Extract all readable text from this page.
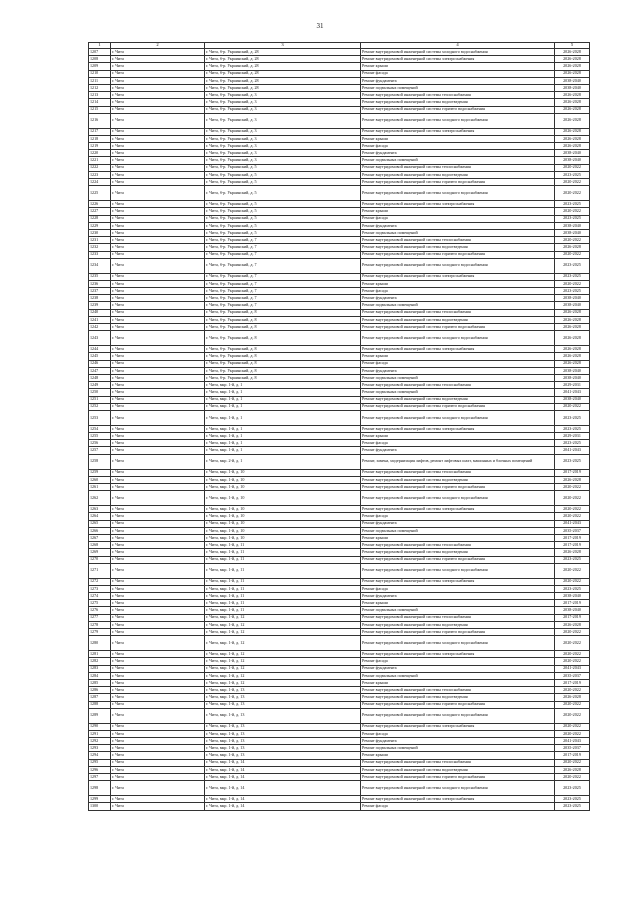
31
1	2	3	4	5
1207	г. Чита	г. Чита, б-р. Украинский, д. 28	Ремонт внутридомовой инженерной системы холодного водоснабжения	2026-2028
1208	г. Чита	г. Чита, б-р. Украинский, д. 28	Ремонт внутридомовой инженерной системы электроснабжения	2026-2028
1209	г. Чита	г. Чита, б-р. Украинский, д. 28	Ремонт крыши	2026-2028
1210	г. Чита	г. Чита, б-р. Украинский, д. 28	Ремонт фасада	2026-2028
1211	г. Чита	г. Чита, б-р. Украинский, д. 28	Ремонт фундамента	2038-2040
1212	г. Чита	г. Чита, б-р. Украинский, д. 28	Ремонт подвальных помещений	2038-2040
1213	г. Чита	г. Чита, б-р. Украинский, д. 3	Ремонт внутридомовой инженерной системы теплоснабжения	2026-2028
1214	г. Чита	г. Чита, б-р. Украинский, д. 3	Ремонт внутридомовой инженерной системы водоотведения	2026-2028
1215	г. Чита	г. Чита, б-р. Украинский, д. 3	Ремонт внутридомовой инженерной системы горячего водоснабжения	2026-2028
1216	г. Чита	г. Чита, б-р. Украинский, д. 3	Ремонт внутридомовой инженерной системы холодного водоснабжения	2026-2028
1217	г. Чита	г. Чита, б-р. Украинский, д. 3	Ремонт внутридомовой инженерной системы электроснабжения	2026-2028
1218	г. Чита	г. Чита, б-р. Украинский, д. 3	Ремонт крыши	2026-2028
1219	г. Чита	г. Чита, б-р. Украинский, д. 3	Ремонт фасада	2026-2028
1220	г. Чита	г. Чита, б-р. Украинский, д. 3	Ремонт фундамента	2038-2040
1221	г. Чита	г. Чита, б-р. Украинский, д. 3	Ремонт подвальных помещений	2038-2040
1222	г. Чита	г. Чита, б-р. Украинский, д. 5	Ремонт внутридомовой инженерной системы теплоснабжения	2020-2022
1223	г. Чита	г. Чита, б-р. Украинский, д. 5	Ремонт внутридомовой инженерной системы водоотведения	2023-2025
1224	г. Чита	г. Чита, б-р. Украинский, д. 5	Ремонт внутридомовой инженерной системы горячего водоснабжения	2020-2022
1225	г. Чита	г. Чита, б-р. Украинский, д. 5	Ремонт внутридомовой инженерной системы холодного водоснабжения	2020-2022
1226	г. Чита	г. Чита, б-р. Украинский, д. 5	Ремонт внутридомовой инженерной системы электроснабжения	2023-2025
1227	г. Чита	г. Чита, б-р. Украинский, д. 5	Ремонт крыши	2020-2022
1228	г. Чита	г. Чита, б-р. Украинский, д. 5	Ремонт фасада	2023-2025
1229	г. Чита	г. Чита, б-р. Украинский, д. 5	Ремонт фундамента	2038-2040
1230	г. Чита	г. Чита, б-р. Украинский, д. 5	Ремонт подвальных помещений	2038-2040
1231	г. Чита	г. Чита, б-р. Украинский, д. 7	Ремонт внутридомовой инженерной системы теплоснабжения	2020-2022
1232	г. Чита	г. Чита, б-р. Украинский, д. 7	Ремонт внутридомовой инженерной системы водоотведения	2026-2028
1233	г. Чита	г. Чита, б-р. Украинский, д. 7	Ремонт внутридомовой инженерной системы горячего водоснабжения	2020-2022
1234	г. Чита	г. Чита, б-р. Украинский, д. 7	Ремонт внутридомовой инженерной системы холодного водоснабжения	2023-2025
1235	г. Чита	г. Чита, б-р. Украинский, д. 7	Ремонт внутридомовой инженерной системы электроснабжения	2023-2025
1236	г. Чита	г. Чита, б-р. Украинский, д. 7	Ремонт крыши	2020-2022
1237	г. Чита	г. Чита, б-р. Украинский, д. 7	Ремонт фасада	2023-2025
1238	г. Чита	г. Чита, б-р. Украинский, д. 7	Ремонт фундамента	2038-2040
1239	г. Чита	г. Чита, б-р. Украинский, д. 7	Ремонт подвальных помещений	2038-2040
1240	г. Чита	г. Чита, б-р. Украинский, д. 8	Ремонт внутридомовой инженерной системы теплоснабжения	2026-2028
1241	г. Чита	г. Чита, б-р. Украинский, д. 8	Ремонт внутридомовой инженерной системы водоотведения	2026-2028
1242	г. Чита	г. Чита, б-р. Украинский, д. 8	Ремонт внутридомовой инженерной системы горячего водоснабжения	2026-2028
1243	г. Чита	г. Чита, б-р. Украинский, д. 8	Ремонт внутридомовой инженерной системы холодного водоснабжения	2026-2028
1244	г. Чита	г. Чита, б-р. Украинский, д. 8	Ремонт внутридомовой инженерной системы электроснабжения	2026-2028
1245	г. Чита	г. Чита, б-р. Украинский, д. 8	Ремонт крыши	2026-2028
1246	г. Чита	г. Чита, б-р. Украинский, д. 8	Ремонт фасада	2026-2028
1247	г. Чита	г. Чита, б-р. Украинский, д. 8	Ремонт фундамента	2038-2040
1248	г. Чита	г. Чита, б-р. Украинский, д. 8	Ремонт подвальных помещений	2038-2040
1249	г. Чита	г. Чита, мкр. 1-й, д. 1	Ремонт внутридомовой инженерной системы теплоснабжения	2029-2031
1250	г. Чита	г. Чита, мкр. 1-й, д. 1	Ремонт подвальных помещений	2041-2043
1251	г. Чита	г. Чита, мкр. 1-й, д. 1	Ремонт внутридомовой инженерной системы водоотведения	2038-2040
1252	г. Чита	г. Чита, мкр. 1-й, д. 1	Ремонт внутридомовой инженерной системы горячего водоснабжения	2020-2022
1253	г. Чита	г. Чита, мкр. 1-й, д. 1	Ремонт внутридомовой инженерной системы холодного водоснабжения	2023-2025
1254	г. Чита	г. Чита, мкр. 1-й, д. 1	Ремонт внутридомовой инженерной системы электроснабжения	2023-2025
1255	г. Чита	г. Чита, мкр. 1-й, д. 1	Ремонт крыши	2029-2031
1256	г. Чита	г. Чита, мкр. 1-й, д. 1	Ремонт фасада	2023-2025
1257	г. Чита	г. Чита, мкр. 1-й, д. 1	Ремонт фундамента	2041-2043
1258	г. Чита	г. Чита, мкр. 2-й, д. 1	Ремонт, замена, модернизация лифтов, ремонт лифтовых шахт, машинных и блочных помещений	2023-2025
1259	г. Чита	г. Чита, мкр. 1-й, д. 10	Ремонт внутридомовой инженерной системы теплоснабжения	2017-2019
1260	г. Чита	г. Чита, мкр. 1-й, д. 10	Ремонт внутридомовой инженерной системы водоотведения	2026-2028
1261	г. Чита	г. Чита, мкр. 1-й, д. 10	Ремонт внутридомовой инженерной системы горячего водоснабжения	2020-2022
1262	г. Чита	г. Чита, мкр. 1-й, д. 10	Ремонт внутридомовой инженерной системы холодного водоснабжения	2020-2022
1263	г. Чита	г. Чита, мкр. 1-й, д. 10	Ремонт внутридомовой инженерной системы электроснабжения	2020-2022
1264	г. Чита	г. Чита, мкр. 1-й, д. 10	Ремонт фасада	2020-2022
1265	г. Чита	г. Чита, мкр. 1-й, д. 10	Ремонт фундамента	2041-2043
1266	г. Чита	г. Чита, мкр. 1-й, д. 10	Ремонт подвальных помещений	2035-2037
1267	г. Чита	г. Чита, мкр. 1-й, д. 10	Ремонт крыши	2017-2019
1268	г. Чита	г. Чита, мкр. 1-й, д. 11	Ремонт внутридомовой инженерной системы теплоснабжения	2017-2019
1269	г. Чита	г. Чита, мкр. 1-й, д. 11	Ремонт внутридомовой инженерной системы водоотведения	2026-2028
1270	г. Чита	г. Чита, мкр. 1-й, д. 11	Ремонт внутридомовой инженерной системы горячего водоснабжения	2023-2025
1271	г. Чита	г. Чита, мкр. 1-й, д. 11	Ремонт внутридомовой инженерной системы холодного водоснабжения	2020-2022
1272	г. Чита	г. Чита, мкр. 1-й, д. 11	Ремонт внутридомовой инженерной системы электроснабжения	2020-2022
1273	г. Чита	г. Чита, мкр. 1-й, д. 11	Ремонт фасада	2023-2025
1274	г. Чита	г. Чита, мкр. 1-й, д. 11	Ремонт фундамента	2038-2040
1275	г. Чита	г. Чита, мкр. 1-й, д. 11	Ремонт крыши	2017-2019
1276	г. Чита	г. Чита, мкр. 1-й, д. 11	Ремонт подвальных помещений	2038-2040
1277	г. Чита	г. Чита, мкр. 1-й, д. 12	Ремонт внутридомовой инженерной системы теплоснабжения	2017-2019
1278	г. Чита	г. Чита, мкр. 1-й, д. 12	Ремонт внутридомовой инженерной системы водоотведения	2026-2028
1279	г. Чита	г. Чита, мкр. 1-й, д. 12	Ремонт внутридомовой инженерной системы горячего водоснабжения	2020-2022
1280	г. Чита	г. Чита, мкр. 1-й, д. 12	Ремонт внутридомовой инженерной системы холодного водоснабжения	2020-2022
1281	г. Чита	г. Чита, мкр. 1-й, д. 12	Ремонт внутридомовой инженерной системы электроснабжения	2020-2022
1282	г. Чита	г. Чита, мкр. 1-й, д. 12	Ремонт фасада	2020-2022
1283	г. Чита	г. Чита, мкр. 1-й, д. 12	Ремонт фундамента	2041-2043
1284	г. Чита	г. Чита, мкр. 1-й, д. 12	Ремонт подвальных помещений	2035-2037
1285	г. Чита	г. Чита, мкр. 1-й, д. 12	Ремонт крыши	2017-2019
1286	г. Чита	г. Чита, мкр. 1-й, д. 13	Ремонт внутридомовой инженерной системы теплоснабжения	2020-2022
1287	г. Чита	г. Чита, мкр. 1-й, д. 13	Ремонт внутридомовой инженерной системы водоотведения	2026-2028
1288	г. Чита	г. Чита, мкр. 1-й, д. 13	Ремонт внутридомовой инженерной системы горячего водоснабжения	2020-2022
1289	г. Чита	г. Чита, мкр. 1-й, д. 13	Ремонт внутридомовой инженерной системы холодного водоснабжения	2020-2022
1290	г. Чита	г. Чита, мкр. 1-й, д. 13	Ремонт внутридомовой инженерной системы электроснабжения	2020-2022
1291	г. Чита	г. Чита, мкр. 1-й, д. 13	Ремонт фасада	2020-2022
1292	г. Чита	г. Чита, мкр. 1-й, д. 13	Ремонт фундамента	2041-2043
1293	г. Чита	г. Чита, мкр. 1-й, д. 13	Ремонт подвальных помещений	2035-2037
1294	г. Чита	г. Чита, мкр. 1-й, д. 13	Ремонт крыши	2017-2019
1295	г. Чита	г. Чита, мкр. 1-й, д. 14	Ремонт внутридомовой инженерной системы теплоснабжения	2020-2022
1296	г. Чита	г. Чита, мкр. 1-й, д. 14	Ремонт внутридомовой инженерной системы водоотведения	2026-2028
1297	г. Чита	г. Чита, мкр. 1-й, д. 14	Ремонт внутридомовой инженерной системы горячего водоснабжения	2020-2022
1298	г. Чита	г. Чита, мкр. 1-й, д. 14	Ремонт внутридомовой инженерной системы холодного водоснабжения	2023-2025
1299	г. Чита	г. Чита, мкр. 1-й, д. 14	Ремонт внутридомовой инженерной системы электроснабжения	2023-2025
1300	г. Чита	г. Чита, мкр. 1-й, д. 14	Ремонт фасада	2023-2025
